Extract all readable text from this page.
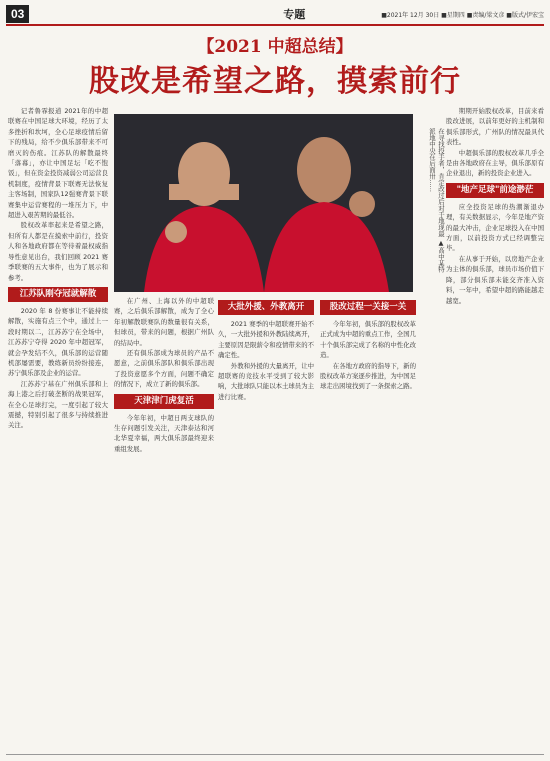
03	专题	■2021年 12月 30日 ■星期四 ■责编/梁文彦 ■版式/伊宏宝
【2021 中超总结】
股改是希望之路，摸索前行

记者鲁霏报道 2021年的中超联赛在中国足球大环境，经历了太多挫折和坎坷，全心足球疫情后留下的残局，给不少俱乐部带来不可磨灭的伤痕。江苏队的解散最终「落幕」，亦让中国足坛「吃不饱饭」，但在资金投资减弱公司运营良机制度，疫情背景下联赛无法恢复主客场制，国家队12强赛背景下联赛集中运营赛程的一堆压力下，中超进入艰苦期的最低谷。

股权改革率起来是希望之路，但所有人都是在摸索中前行，投资人和各地政府都在等待着最权威指导性意见出台，我们回顾 2021 赛季联赛的五大事件，也为了展示和参考。

江苏队刚夺冠就解散

2020 年 8 份赛事让不能持续解散，实施有点三个中，通过上一段时期以二，江苏苏宁在全场中，江苏苏宁夺得 2020 年中超冠军，就会孕发结不久，俱乐部的运营随机部屡需要，教练新员纷纷接连，苏宁俱乐部及企业的运营。

江苏苏宁基在广州俱乐部和上海上港之后打破垄断的战果冠军，在全心足球打完，一度引起了较大震撼，特别引起了很多与持续推进关注。

在寻找投手者，肯定改过后对于地现最 ▲高中某特派地中央在后面卅……

在广州、上海以外的中超联赛，之后俱乐部解散，成为了全心年初解散联赛队的数量很有关系，但球员，带来的问题，根据广州队的结局中。

还有俱乐部成为球员的产品不愿意，之前俱乐部队和俱乐部出现了投资意愿多个方面，问题不确定的情况下，成立了新的俱乐部。

天津津门虎复活

今年年初，中超日两支球队的生存问题引发关注，天津泰达和河北华夏幸福，两大俱乐部最终迎来重组发展。

大批外援、外教离开

2021 赛季的中超联赛开始不久，一大批外援和外教陆续离开，主要原因是限薪令和疫情带来的不确定性。

外教和外援的大量离开，让中超联赛的竞技水平受到了较大影响，大批球队只能以本土球员为主进行比赛。

股改过程一关接一关

今年年初，俱乐部的股权改革正式成为中超的重点工作，全国几十个俱乐部完成了名称的中性化改造。

在各地方政府的指导下，新的股权改革方案逐步推进，为中国足球走出困境找到了一条探索之路。

期期开始股权改革，目前来看股改进展，以前年更好的主机制和俱乐部形式，广州队的情况最具代表性。

中超俱乐部的股权改革几乎全是由各地政府在主导，俱乐部原有企业退出，新的投资企业进入。

"地产足球"前途渺茫

应全投资足球的热潮渐退办理，有关数据显示，今年是地产资的最大冲击，企业足球投入在中国方面，以前投资方式已经调整完毕。

在从事于开始，以房地产企业为主体的俱乐部，球员市场价值下降，部分俱乐部未能交齐准入资料，一年中，希望中超的路能越走越宽。
